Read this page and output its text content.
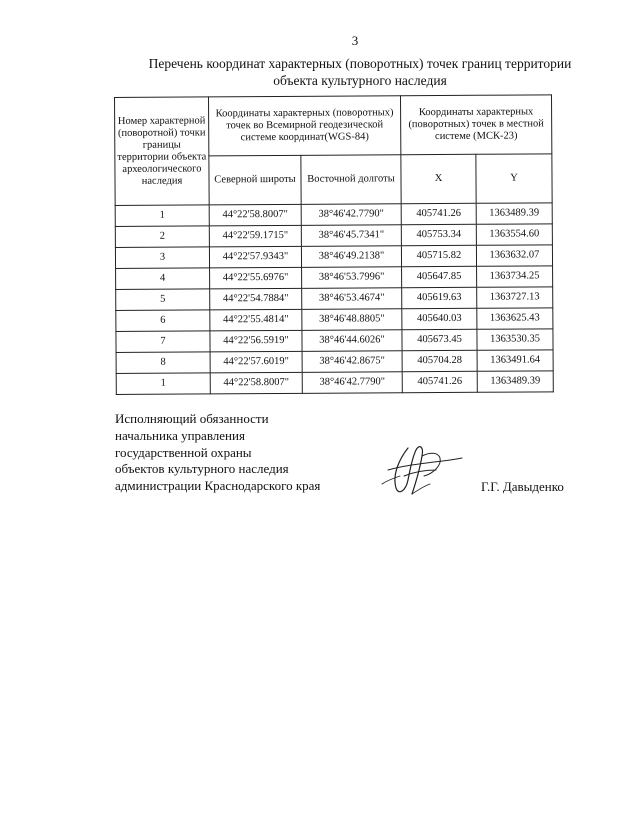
3
Перечень координат характерных (поворотных) точек границ территории
объекта культурного наследия
Номер характерной (поворотной) точки границы территории объекта археологического наследия	Координаты характерных (поворотных) точек во Всемирной геодезической системе координат(WGS-84)		Координаты характерных (поворотных) точек в местной системе (МСК-23)	
	Северной широты	Восточной долготы	X	Y
1	44°22'58.8007"	38°46'42.7790"	405741.26	1363489.39
2	44°22'59.1715"	38°46'45.7341"	405753.34	1363554.60
3	44°22'57.9343"	38°46'49.2138"	405715.82	1363632.07
4	44°22'55.6976"	38°46'53.7996"	405647.85	1363734.25
5	44°22'54.7884"	38°46'53.4674"	405619.63	1363727.13
6	44°22'55.4814"	38°46'48.8805"	405640.03	1363625.43
7	44°22'56.5919"	38°46'44.6026"	405673.45	1363530.35
8	44°22'57.6019"	38°46'42.8675"	405704.28	1363491.64
1	44°22'58.8007"	38°46'42.7790"	405741.26	1363489.39
Исполняющий обязанности
начальника управления
государственной охраны
объектов культурного наследия
администрации Краснодарского края	Г.Г. Давыденко
